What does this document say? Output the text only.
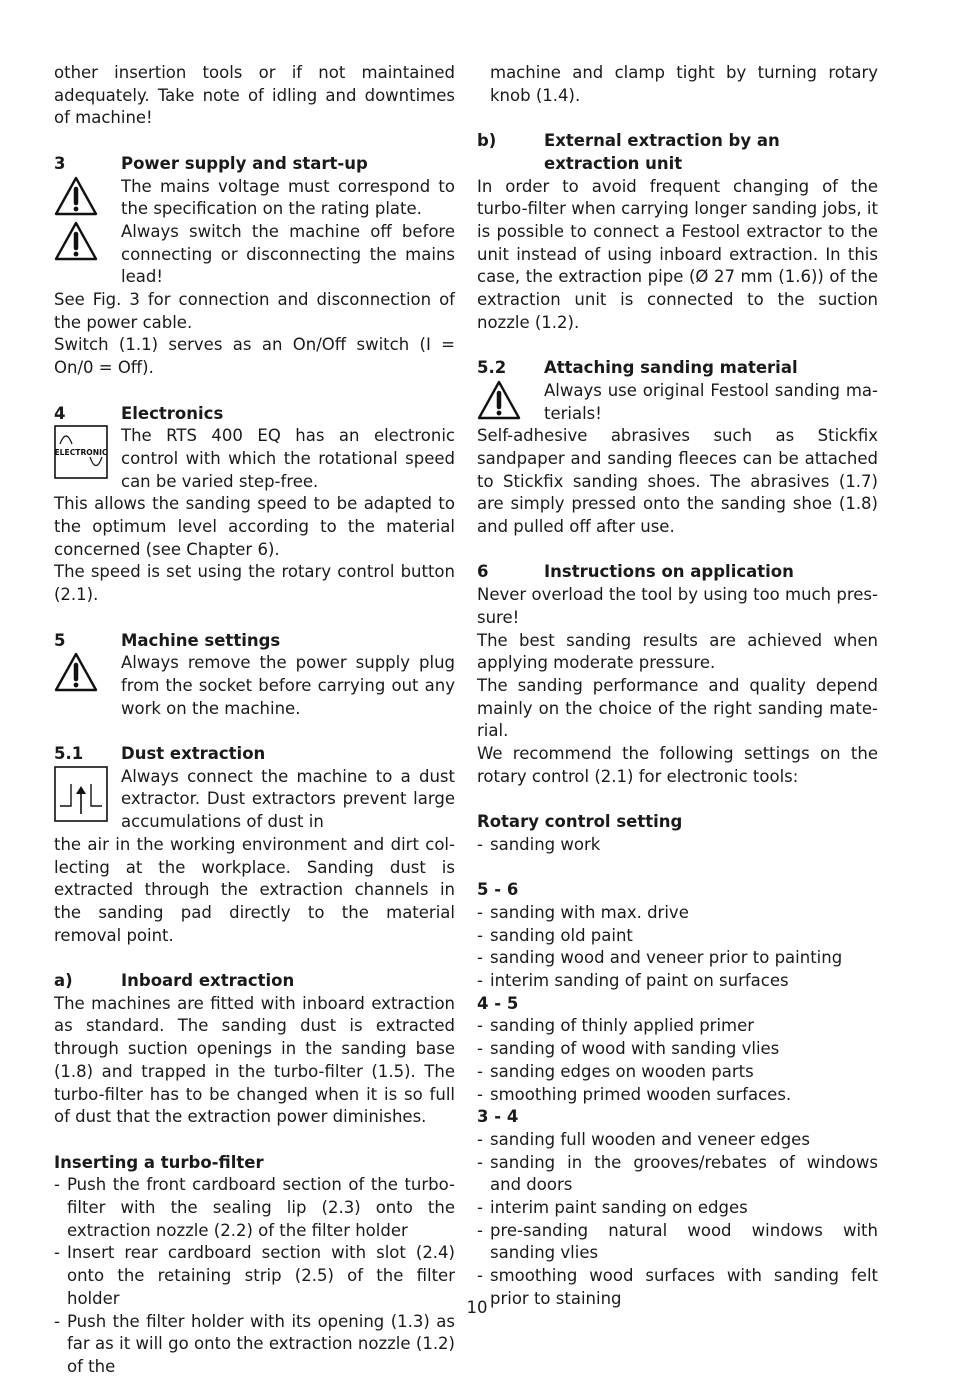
other insertion tools or if not maintained adequately. Take note of idling and downtimes of machine!

3	Power supply and start-up

The mains voltage must correspond to the specification on the rating plate.

Always switch the machine off before connecting or disconnecting the mains lead!

See Fig. 3 for connection and disconnection of the power cable.

Switch (1.1) serves as an On/Off switch (I = On/0 = Off).

4	Electronics
ELECTRONIC

The RTS 400 EQ has an electronic control with which the rotational speed can be varied step-free.

This allows the sanding speed to be adapted to the optimum level according to the material concerned (see Chapter 6).

The speed is set using the rotary control button (2.1).

5	Machine settings

Always remove the power supply plug from the socket before carrying out any work on the machine.

5.1	Dust extraction

Always connect the machine to a dust extractor. Dust extractors prevent large accumulations of dust in

the air in the working environment and dirt collecting at the workplace. Sanding dust is extracted through the extraction channels in the sanding pad directly to the material removal point.

a)	Inboard extraction

The machines are fitted with inboard extraction as standard. The sanding dust is extracted through suction openings in the sanding base (1.8) and trapped in the turbo-filter (1.5). The turbo-filter has to be changed when it is so full of dust that the extraction power diminishes.

Inserting a turbo-filter
- Push the front cardboard section of the turbo-filter with the sealing lip (2.3) onto the extraction nozzle (2.2) of the filter holder
- Insert rear cardboard section with slot (2.4) onto the retaining strip (2.5) of the filter holder
- Push the filter holder with its opening (1.3) as far as it will go onto the extraction nozzle (1.2) of the

machine and clamp tight by turning rotary knob (1.4).

b)	External extraction by an extraction unit

In order to avoid frequent changing of the turbo-filter when carrying longer sanding jobs, it is possible to connect a Festool extractor to the unit instead of using inboard extraction. In this case, the extraction pipe (Ø 27 mm (1.6)) of the extraction unit is connected to the suction nozzle (1.2).

5.2	Attaching sanding material

Always use original Festool sanding materials!

Self-adhesive abrasives such as Stickfix sandpaper and sanding fleeces can be attached to Stickfix sanding shoes. The abrasives (1.7) are simply pressed onto the sanding shoe (1.8) and pulled off after use.

6	Instructions on application

Never overload the tool by using too much pressure!

The best sanding results are achieved when applying moderate pressure.

The sanding performance and quality depend mainly on the choice of the right sanding material.

We recommend the following settings on the rotary control (2.1) for electronic tools:

Rotary control setting
- sanding work
5 - 6
- sanding with max. drive
- sanding old paint
- sanding wood and veneer prior to painting
- interim sanding of paint on surfaces
4 - 5
- sanding of thinly applied primer
- sanding of wood with sanding vlies
- sanding edges on wooden parts
- smoothing primed wooden surfaces.
3 - 4
- sanding full wooden and veneer edges
- sanding in the grooves/rebates of windows and doors
- interim paint sanding on edges
- pre-sanding natural wood windows with sanding vlies
- smoothing wood surfaces with sanding felt prior to staining
10
